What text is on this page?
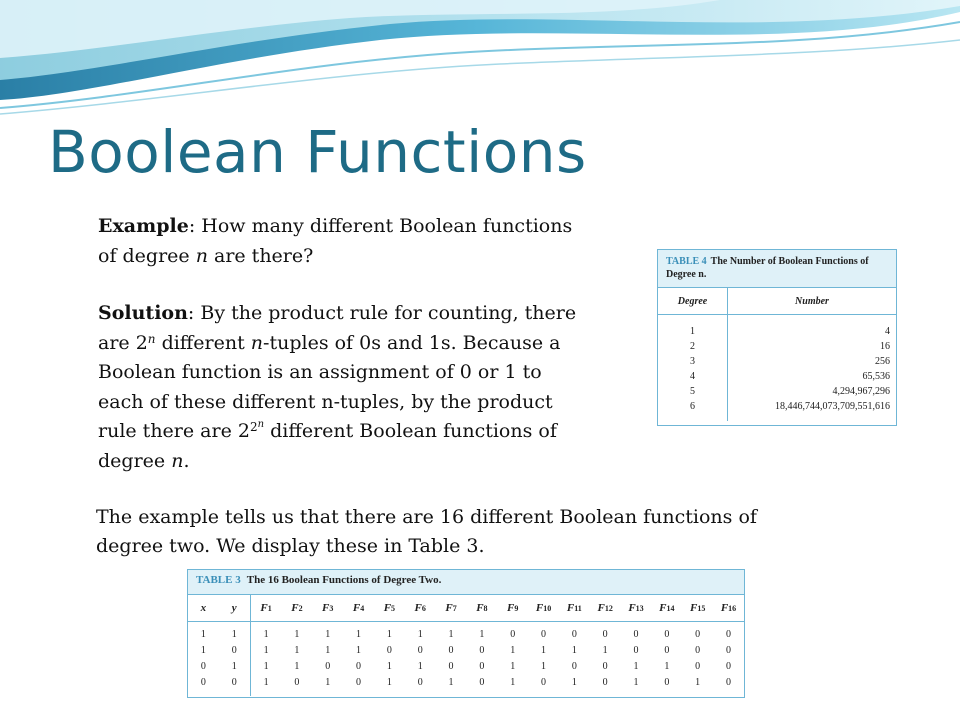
Boolean Functions
Example: How many different Boolean functions
of degree n are there?
Solution: By the product rule for counting, there
are 2$^n$ different n-tuples of 0s and 1s. Because a
Boolean function is an assignment of 0 or 1 to
each of these different n-tuples, by the product
rule there are $2^{2n}$ different Boolean functions of
degree n.
TABLE 4 The Number of Boolean Functions of Degree n.
Degree	Number
1
2
3
4
5
6
4
16
256
65,536
4,294,967,296
18,446,744,073,709,551,616
The example tells us that there are 16 different Boolean functions of
degree two. We display these in Table 3.
TABLE 3 The 16 Boolean Functions of Degree Two.
x
1
1
0
0
y
1
0
1
0
F 1
1
1
1
1
F 2
1
1
1
0
F 3
1
1
0
1
F 4
1
1
0
0
F 5
1
0
1
1
F 6
1
0
1
0
F 7
1
0
0
1
F 8
1
0
0
0
F 9
0
1
1
1
F 10
0
1
1
0
F 11
0
1
0
1
F 12
0
1
0
0
F 13
0
0
1
1
F 14
0
0
1
0
F 15
0
0
0
1
F 16
0
0
0
0
